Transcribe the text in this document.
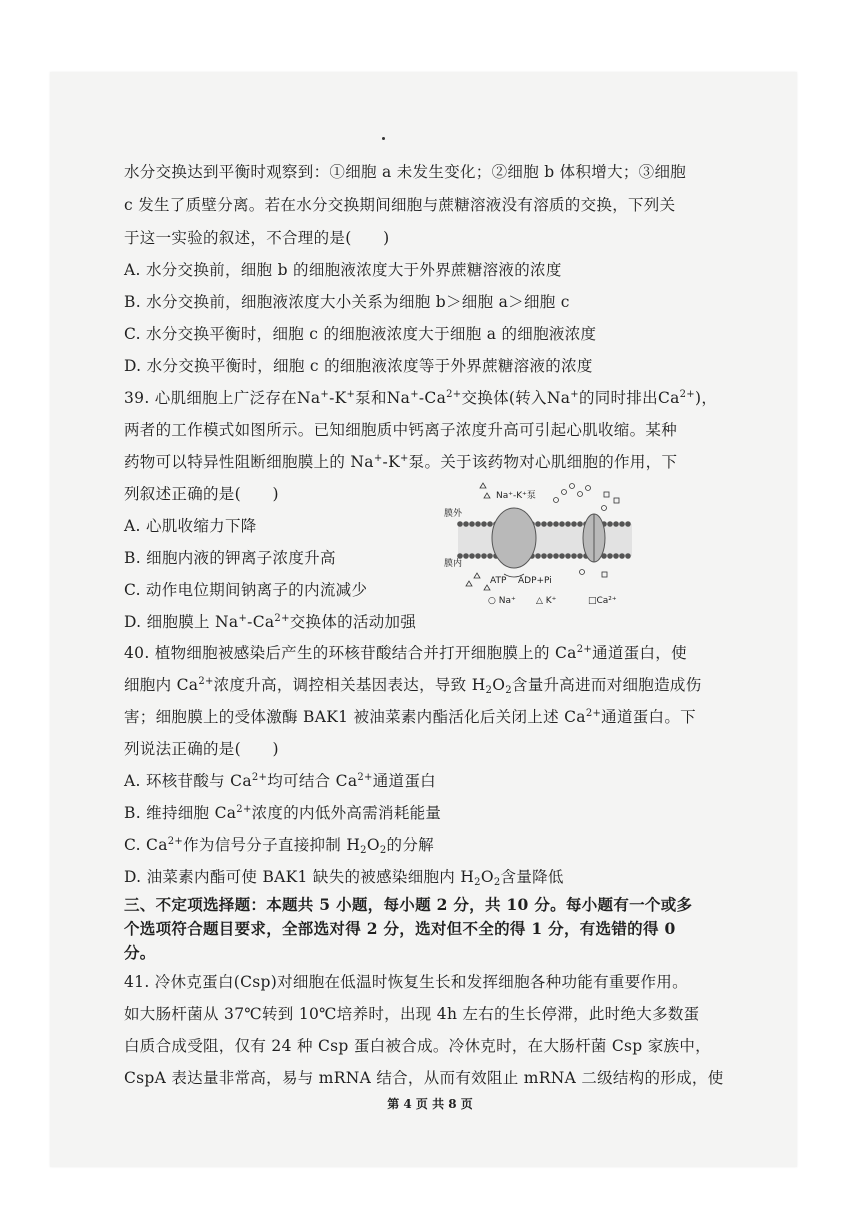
水分交换达到平衡时观察到：①细胞 a 未发生变化；②细胞 b 体积增大；③细胞
c 发生了质壁分离。若在水分交换期间细胞与蔗糖溶液没有溶质的交换，下列关
于这一实验的叙述，不合理的是(　　)
A. 水分交换前，细胞 b 的细胞液浓度大于外界蔗糖溶液的浓度
B. 水分交换前，细胞液浓度大小关系为细胞 b＞细胞 a＞细胞 c
C. 水分交换平衡时，细胞 c 的细胞液浓度大于细胞 a 的细胞液浓度
D. 水分交换平衡时，细胞 c 的细胞液浓度等于外界蔗糖溶液的浓度
39. 心肌细胞上广泛存在Na+-K+泵和$Na^+-Ca^{2+}$交换体(转入Na+的同时排出$Ca^{2+}$)，
两者的工作模式如图所示。已知细胞质中钙离子浓度升高可引起心肌收缩。某种
药物可以特异性阻断细胞膜上的 Na+-K+泵。关于该药物对心肌细胞的作用，下
列叙述正确的是(　　)
A. 心肌收缩力下降
B. 细胞内液的钾离子浓度升高
C. 动作电位期间钠离子的内流减少
D. 细胞膜上 $Na^+-Ca^{2+}$交换体的活动加强
膜外
膜内
Na⁺-K⁺泵
ATP ADP+Pi
○ Na⁺ △ K⁺	□Ca²⁺
40. 植物细胞被感染后产生的环核苷酸结合并打开细胞膜上的 $Ca^{2+}$通道蛋白，使
细胞内 $Ca^{2+}$浓度升高，调控相关基因表达，导致 $H_2O_2$含量升高进而对细胞造成伤
害；细胞膜上的受体激酶 BAK1 被油菜素内酯活化后关闭上述 $Ca^{2+}$通道蛋白。下
列说法正确的是(　　)
A. 环核苷酸与 $Ca^{2+}$均可结合 $Ca^{2+}$通道蛋白
B. 维持细胞 $Ca^{2+}$浓度的内低外高需消耗能量
C. $Ca^{2+}$作为信号分子直接抑制 $H_2O_2$的分解
D. 油菜素内酯可使 BAK1 缺失的被感染细胞内 $H_2O_2$含量降低
三、不定项选择题：本题共 5 小题，每小题 2 分，共 10 分。每小题有一个或多
个选项符合题目要求，全部选对得 2 分，选对但不全的得 1 分，有选错的得 0
分。
41. 冷休克蛋白(Csp)对细胞在低温时恢复生长和发挥细胞各种功能有重要作用。
如大肠杆菌从 37℃转到 10℃培养时，出现 4h 左右的生长停滞，此时绝大多数蛋
白质合成受阻，仅有 24 种 Csp 蛋白被合成。冷休克时，在大肠杆菌 Csp 家族中，
CspA 表达量非常高，易与 mRNA 结合，从而有效阻止 mRNA 二级结构的形成，使
第 4 页 共 8 页
